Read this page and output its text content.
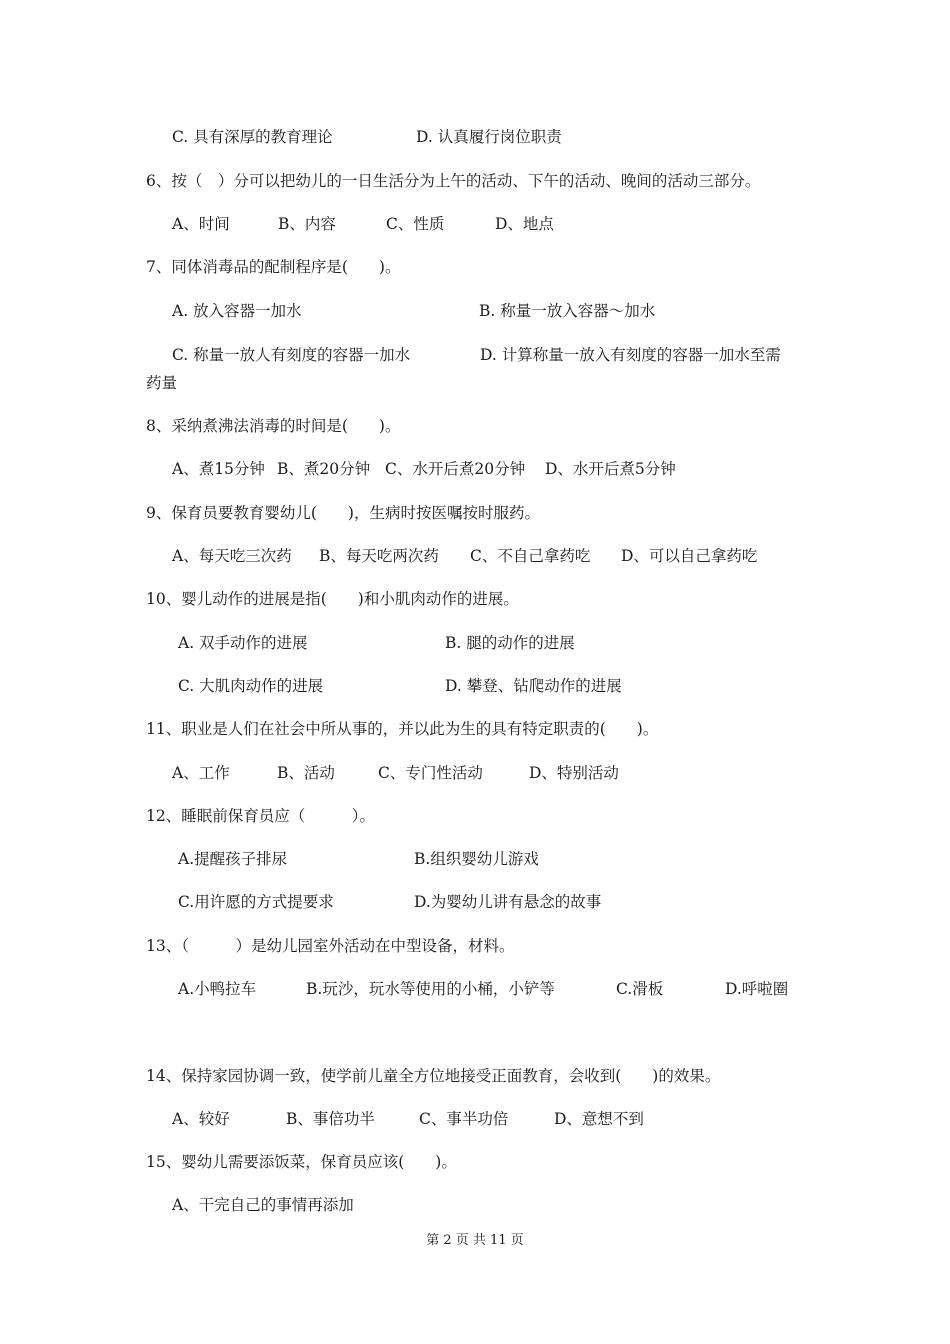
C. 具有深厚的教育理论	D. 认真履行岗位职责
6、按（　）分可以把幼儿的一日生活分为上午的活动、下午的活动、晚间的活动三部分。
A、时间	B、内容	C、性质	D、地点
7、同体消毒品的配制程序是(　　)。
A. 放入容器一加水	B. 称量一放入容器～加水
C. 称量一放人有刻度的容器一加水	D. 计算称量一放入有刻度的容器一加水至需
药量
8、采纳煮沸法消毒的时间是(　　)。
A、煮15分钟 B、煮20分钟 C、水开后煮20分钟 D、水开后煮5分钟
9、保育员要教育婴幼儿(　　)，生病时按医嘱按时服药。
A、每天吃三次药 B、每天吃两次药 C、不自己拿药吃 D、可以自己拿药吃
10、婴儿动作的进展是指(　　)和小肌肉动作的进展。
A. 双手动作的进展	B. 腿的动作的进展
C. 大肌肉动作的进展	D. 攀登、钻爬动作的进展
11、职业是人们在社会中所从事的，并以此为生的具有特定职责的(　　)。
A、工作	B、活动	C、专门性活动	D、特别活动
12、睡眠前保育员应（　　　）。
A.提醒孩子排尿	B.组织婴幼儿游戏
C.用许愿的方式提要求	D.为婴幼儿讲有悬念的故事
13、（　　　）是幼儿园室外活动在中型设备，材料。
A.小鸭拉车	B.玩沙，玩水等使用的小桶，小铲等	C.滑板	D.呼啦圈
14、保持家园协调一致，使学前儿童全方位地接受正面教育，会收到(　　)的效果。
A、较好	B、事倍功半	C、事半功倍	D、意想不到
15、婴幼儿需要添饭菜，保育员应该(　　)。
A、干完自己的事情再添加
第 2 页 共 11 页
